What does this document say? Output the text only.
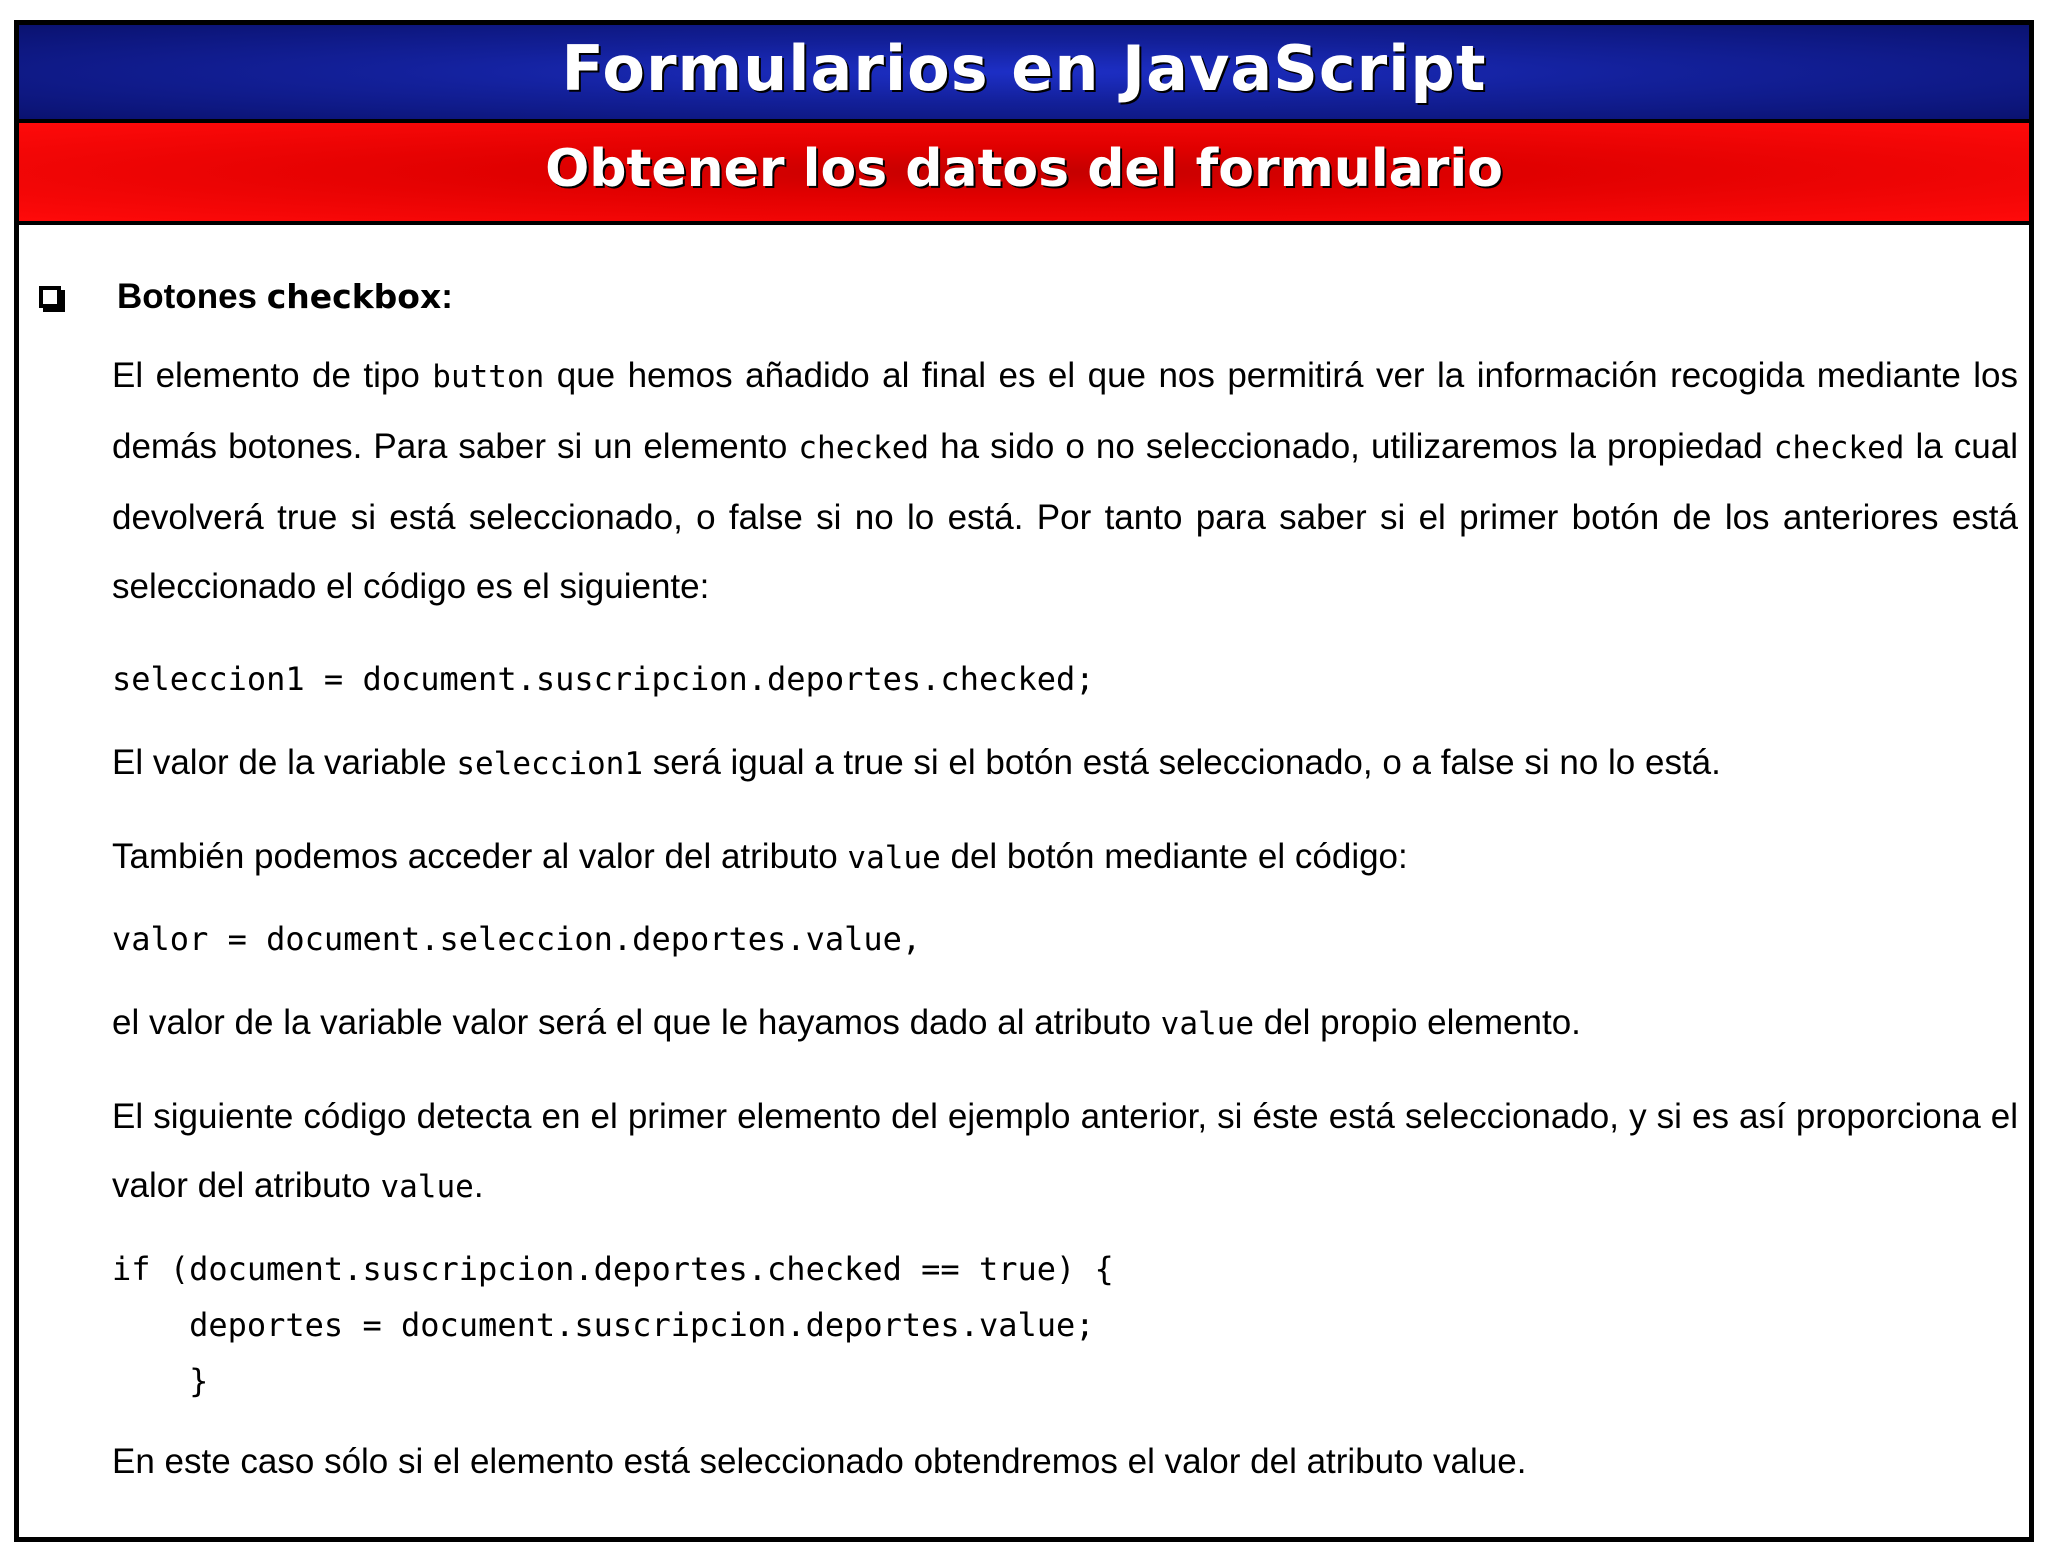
Formularios en JavaScript
Obtener los datos del formulario
Botones checkbox:
El elemento de tipo button que hemos añadido al final es el que nos permitirá ver la información recogida mediante los demás botones. Para saber si un elemento checked ha sido o no seleccionado, utilizaremos la propiedad checked la cual devolverá true si está seleccionado, o false si no lo está. Por tanto para saber si el primer botón de los anteriores está seleccionado el código es el siguiente:
seleccion1 = document.suscripcion.deportes.checked;
El valor de la variable seleccion1 será igual a true si el botón está seleccionado, o a false si no lo está.
También podemos acceder al valor del atributo value del botón mediante el código:
valor = document.seleccion.deportes.value,
el valor de la variable valor será el que le hayamos dado al atributo value del propio elemento.
El siguiente código detecta en el primer elemento del ejemplo anterior, si éste está seleccionado, y si es así proporciona el valor del atributo value.
if (document.suscripcion.deportes.checked == true) {
deportes = document.suscripcion.deportes.value;
}
En este caso sólo si el elemento está seleccionado obtendremos el valor del atributo value.
